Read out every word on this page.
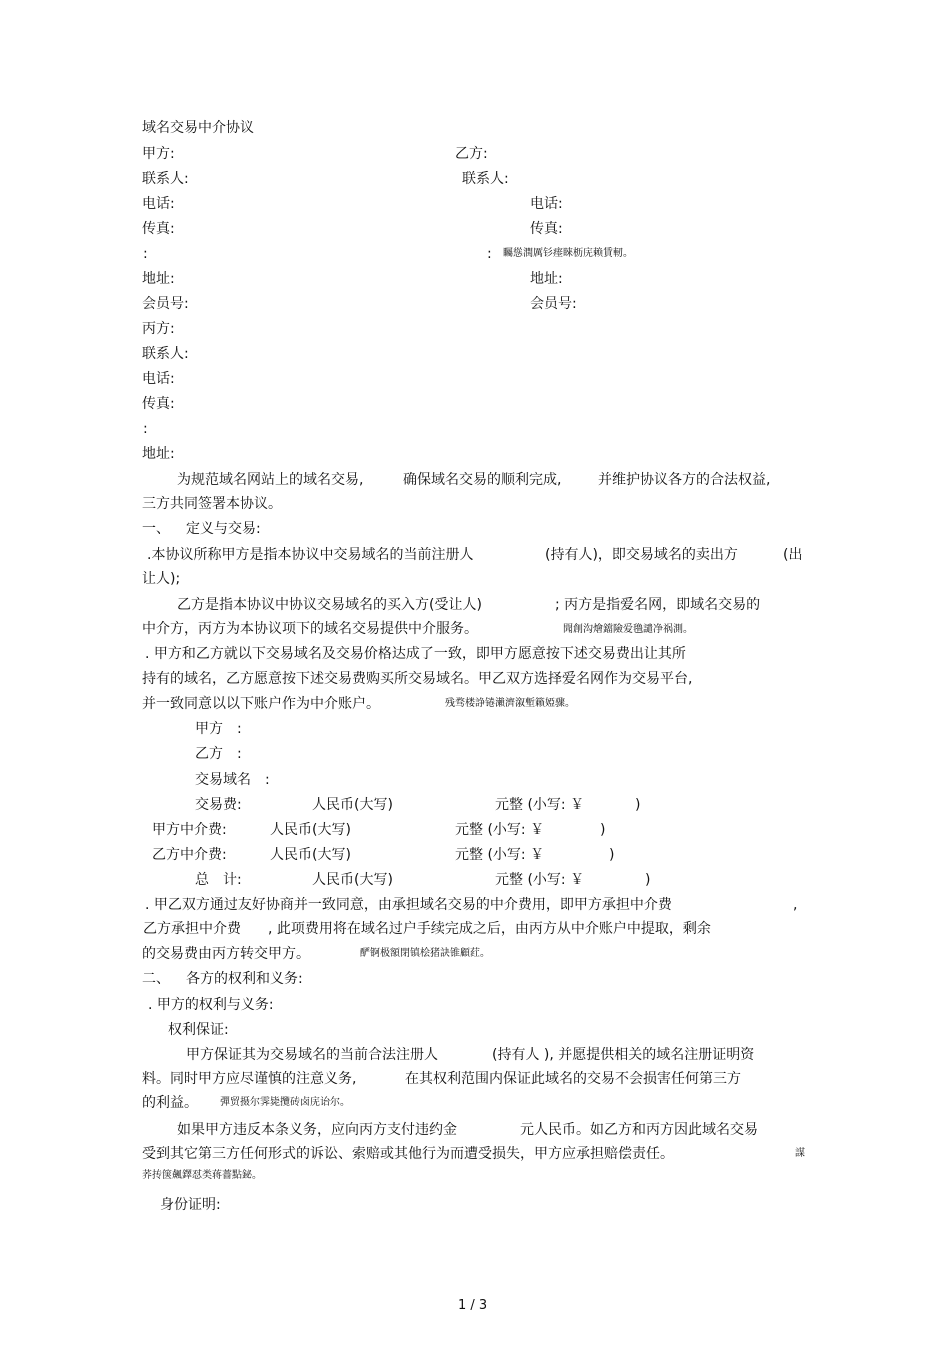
域名交易中介协议
甲方:	乙方:
联系人:	联系人:
电话:	电话:
传真:	传真:
:	: 矚慫潤厲钐瘗睞枥庑赖賃軔。
地址:	地址:
会员号:	会员号:
丙方:
联系人:
电话:
传真:
:
地址:
为规范域名网站上的域名交易,	确保域名交易的顺利完成,	并维护协议各方的合法权益,
三方共同签署本协议。
一、 定义与交易:
.本协议所称甲方是指本协议中交易域名的当前注册人	(持有人)，即交易域名的卖出方	(出
让人);
乙方是指本协议中协议交易域名的买入方(受让人)	; 丙方是指爱名网，即域名交易的
中介方，丙方为本协议项下的域名交易提供中介服务。	聞創沟燴鐺險爱氇譴净祸測。
. 甲方和乙方就以下交易域名及交易价格达成了一致，即甲方愿意按下述交易费出让其所
持有的域名，乙方愿意按下述交易费购买所交易域名。甲乙双方选择爱名网作为交易平台,
并一致同意以以下账户作为中介账户。	残骛楼諍锩瀨濟溆塹籟婭骤。
甲方　:
乙方　:
交易域名　:
交易费:	人民币(大写)	元整 (小写: ￥	)
甲方中介费:	人民币(大写)	元整 (小写: ￥	)
乙方中介费:	人民币(大写)	元整 (小写: ￥	)
总　计:	人民币(大写)	元整 (小写: ￥	)
. 甲乙双方通过友好协商并一致同意，由承担域名交易的中介费用，即甲方承担中介费	,
乙方承担中介费 , 此项费用将在域名过户手续完成之后，由丙方从中介账户中提取，剩余
的交易费由丙方转交甲方。	酽锕极額閉镇桧猪訣锥顧荭。
二、 各方的权利和义务:
. 甲方的权利与义务:
权利保证:
甲方保证其为交易域名的当前合法注册人	(持有人 ), 并愿提供相关的域名注册证明资
料。同时甲方应尽谨慎的注意义务,	在其权利范围内保证此域名的交易不会损害任何第三方
的利益。 彈贸摄尔霁毙攬砖卤庑诒尔。
如果甲方违反本条义务，应向丙方支付违约金	元人民币。如乙方和丙方因此域名交易
受到其它第三方任何形式的诉讼、索赔或其他行为而遭受损失，甲方应承担赔偿责任。	謀
荞抟箧飆鐸怼类蒋薔點鉍。
身份证明:
1 / 3
